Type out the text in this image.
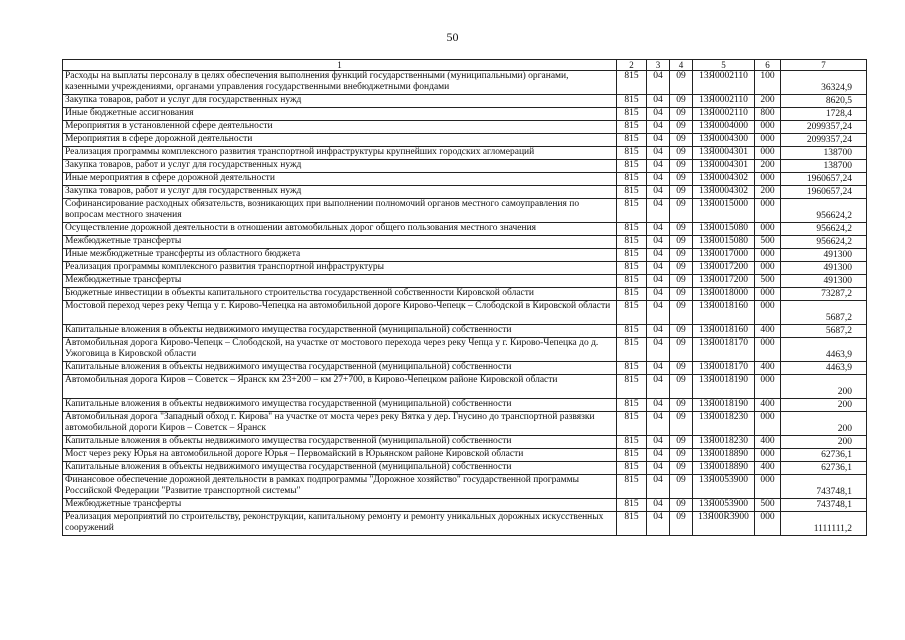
50
1	2	3	4	5	6	7
Расходы на выплаты персоналу в целях обеспечения выполнения функций государственными (муниципальными) органами, казенными учреждениями, органами управления государственными внебюджетными фондами	815	04	09	13Я0002110	100	36324,9
Закупка товаров, работ и услуг для государственных нужд	815	04	09	13Я0002110	200	8620,5
Иные бюджетные ассигнования	815	04	09	13Я0002110	800	1728,4
Мероприятия в установленной сфере деятельности	815	04	09	13Я0004000	000	2099357,24
Мероприятия в сфере дорожной деятельности	815	04	09	13Я0004300	000	2099357,24
Реализация программы комплексного развития транспортной инфраструктуры крупнейших городских агломераций	815	04	09	13Я0004301	000	138700
Закупка товаров, работ и услуг для государственных нужд	815	04	09	13Я0004301	200	138700
Иные мероприятия в сфере дорожной деятельности	815	04	09	13Я0004302	000	1960657,24
Закупка товаров, работ и услуг для государственных нужд	815	04	09	13Я0004302	200	1960657,24
Софинансирование расходных обязательств, возникающих при выполнении полномочий органов местного самоуправления по вопросам местного значения	815	04	09	13Я0015000	000	956624,2
Осуществление дорожной деятельности в отношении автомобильных дорог общего пользования местного значения	815	04	09	13Я0015080	000	956624,2
Межбюджетные трансферты	815	04	09	13Я0015080	500	956624,2
Иные межбюджетные трансферты из областного бюджета	815	04	09	13Я0017000	000	491300
Реализация программы комплексного развития транспортной инфраструктуры	815	04	09	13Я0017200	000	491300
Межбюджетные трансферты	815	04	09	13Я0017200	500	491300
Бюджетные инвестиции в объекты капитального строительства государственной собственности Кировской области	815	04	09	13Я0018000	000	73287,2
Мостовой переход через реку Чепца у г. Кирово-Чепецка на автомобильной дороге Кирово-Чепецк – Слободской в Кировской области	815	04	09	13Я0018160	000	5687,2
Капитальные вложения в объекты недвижимого имущества государственной (муниципальной) собственности	815	04	09	13Я0018160	400	5687,2
Автомобильная дорога Кирово-Чепецк – Слободской, на участке от мостового перехода через реку Чепца у г. Кирово-Чепецка до д. Ужоговица в Кировской области	815	04	09	13Я0018170	000	4463,9
Капитальные вложения в объекты недвижимого имущества государственной (муниципальной) собственности	815	04	09	13Я0018170	400	4463,9
Автомобильная дорога Киров – Советск – Яранск км 23+200 – км 27+700, в Кирово-Чепецком районе Кировской области	815	04	09	13Я0018190	000	200
Капитальные вложения в объекты недвижимого имущества государственной (муниципальной) собственности	815	04	09	13Я0018190	400	200
Автомобильная дорога "Западный обход г. Кирова" на участке от моста через реку Вятка у дер. Гнусино до транспортной развязки автомобильной дороги Киров – Советск – Яранск	815	04	09	13Я0018230	000	200
Капитальные вложения в объекты недвижимого имущества государственной (муниципальной) собственности	815	04	09	13Я0018230	400	200
Мост через реку Юрья на автомобильной дороге Юрья – Первомайский в Юрьянском районе Кировской области	815	04	09	13Я0018890	000	62736,1
Капитальные вложения в объекты недвижимого имущества государственной (муниципальной) собственности	815	04	09	13Я0018890	400	62736,1
Финансовое обеспечение дорожной деятельности в рамках подпрограммы "Дорожное хозяйство" государственной программы Российской Федерации "Развитие транспортной системы"	815	04	09	13Я0053900	000	743748,1
Межбюджетные трансферты	815	04	09	13Я0053900	500	743748,1
Реализация мероприятий по строительству, реконструкции, капитальному ремонту и ремонту уникальных дорожных искусственных сооружений	815	04	09	13Я00R3900	000	1111111,2
